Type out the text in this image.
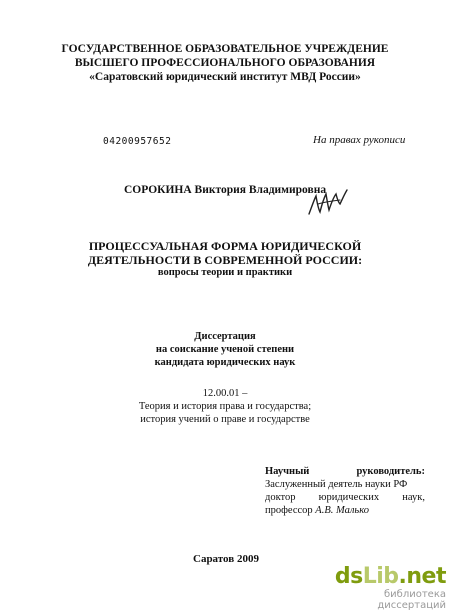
ГОСУДАРСТВЕННОЕ ОБРАЗОВАТЕЛЬНОЕ УЧРЕЖДЕНИЕ
ВЫСШЕГО ПРОФЕССИОНАЛЬНОГО ОБРАЗОВАНИЯ
«Саратовский юридический институт МВД России»
04200957652	На правах рукописи
СОРОКИНА Виктория Владимировна
ПРОЦЕССУАЛЬНАЯ ФОРМА ЮРИДИЧЕСКОЙ
ДЕЯТЕЛЬНОСТИ В СОВРЕМЕННОЙ РОССИИ:
вопросы теории и практики
Диссертация
на соискание ученой степени
кандидата юридических наук
12.00.01 –
Теория и история права и государства;
история учений о праве и государстве
Научный	руководитель:
Заслуженный деятель науки РФ
доктор юридических наук,
профессор А.В. Малько
Саратов 2009
dsLib.net
библиотека диссертаций
